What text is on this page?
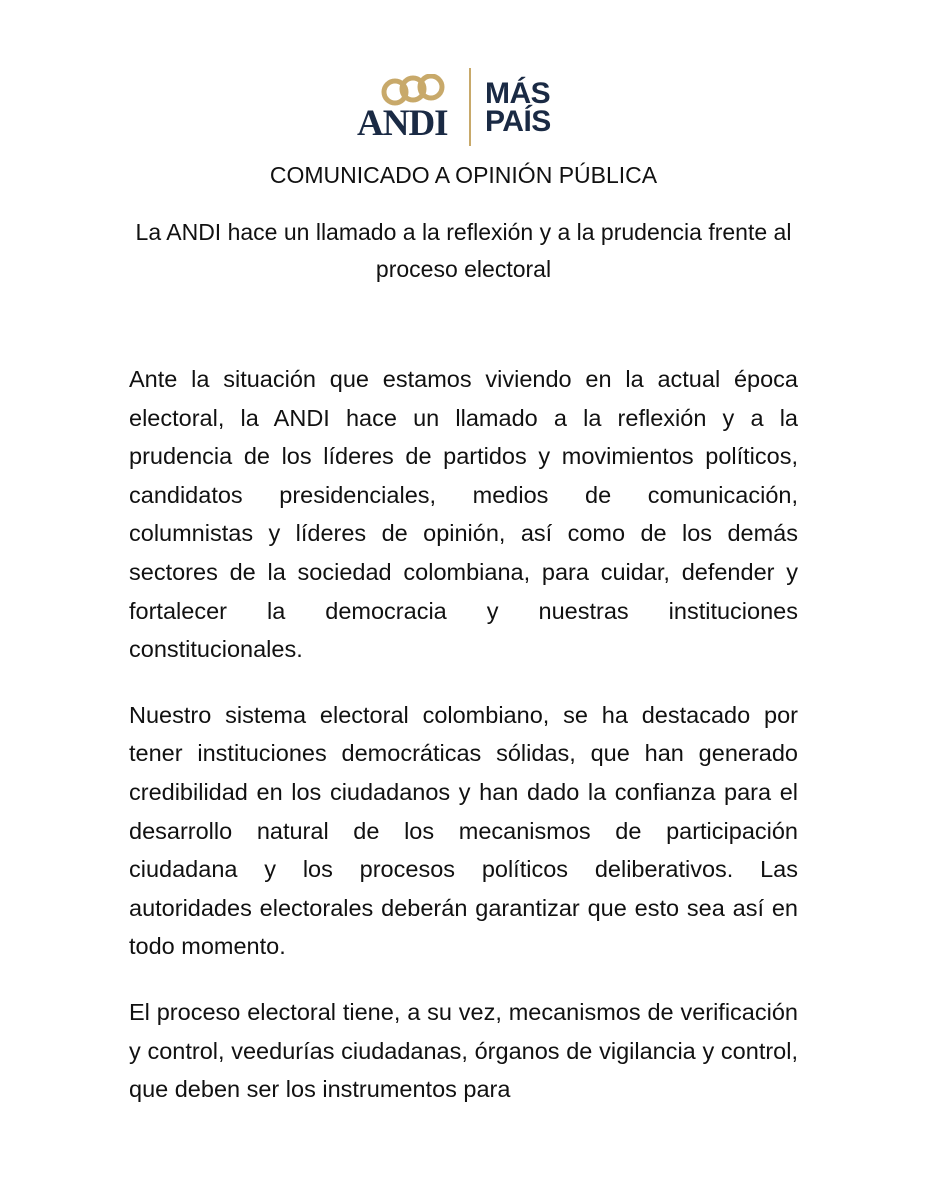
ANDI
MÁS
PAÍS
COMUNICADO A OPINIÓN PÚBLICA
La ANDI hace un llamado a la reflexión y a la prudencia frente al proceso electoral

Ante la situación que estamos viviendo en la actual época electoral, la ANDI hace un llamado a la reflexión y a la prudencia de los líderes de partidos y movimientos políticos, candidatos presidenciales, medios de comunicación, columnistas y líderes de opinión, así como de los demás sectores de la sociedad colombiana, para cuidar, defender y fortalecer la democracia y nuestras instituciones constitucionales.

Nuestro sistema electoral colombiano, se ha destacado por tener instituciones democráticas sólidas, que han generado credibilidad en los ciudadanos y han dado la confianza para el desarrollo natural de los mecanismos de participación ciudadana y los procesos políticos deliberativos. Las autoridades electorales deberán garantizar que esto sea así en todo momento.

El proceso electoral tiene, a su vez, mecanismos de verificación y control, veedurías ciudadanas, órganos de vigilancia y control, que deben ser los instrumentos para
